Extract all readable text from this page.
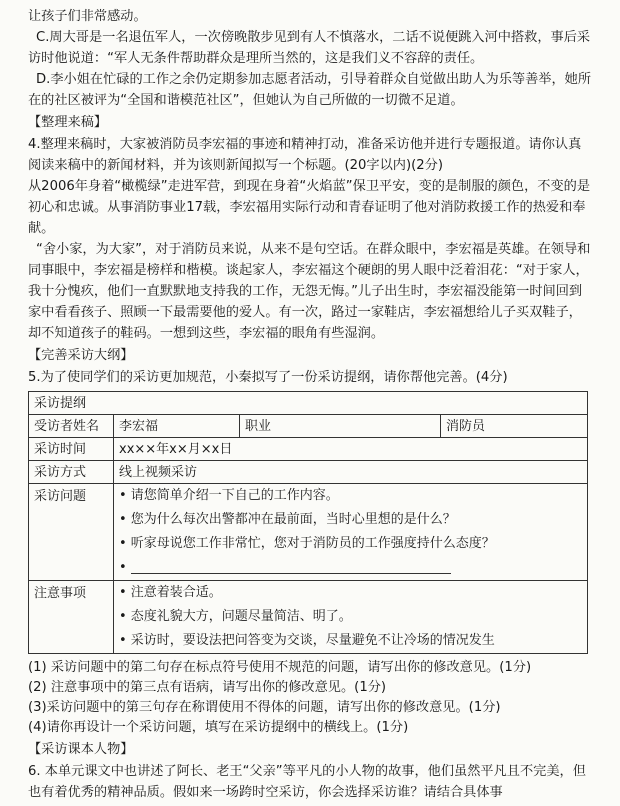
让孩子们非常感动。

C.周大哥是一名退伍军人，一次傍晚散步见到有人不慎落水，二话不说便跳入河中搭救，事后采访时他说道：“军人无条件帮助群众是理所当然的，这是我们义不容辞的责任。

D.李小姐在忙碌的工作之余仍定期参加志愿者活动，引导着群众自觉做出助人为乐等善举，她所在的社区被评为“全国和谐模范社区”，但她认为自己所做的一切微不足道。

【整理来稿】

4.整理来稿时，大家被消防员李宏福的事迹和精神打动，准备采访他并进行专题报道。请你认真阅读来稿中的新闻材料，并为该则新闻拟写一个标题。(20字以内)(2分)

从2006年身着“橄榄绿”走进军营，到现在身着“火焰蓝”保卫平安，变的是制服的颜色，不变的是初心和忠诚。从事消防事业17载，李宏福用实际行动和青春证明了他对消防救援工作的热爱和奉献。

“舍小家，为大家”，对于消防员来说，从来不是句空话。在群众眼中，李宏福是英雄。在领导和同事眼中，李宏福是榜样和楷模。谈起家人，李宏福这个硬朗的男人眼中泛着泪花：“对于家人，我十分愧疚，他们一直默默地支持我的工作，无怨无悔。”儿子出生时，李宏福没能第一时间回到家中看看孩子、照顾一下最需要他的爱人。有一次，路过一家鞋店，李宏福想给儿子买双鞋子，却不知道孩子的鞋码。一想到这些，李宏福的眼角有些湿润。

【完善采访大纲】

5.为了使同学们的采访更加规范，小秦拟写了一份采访提纲，请你帮他完善。(4分)

采访提纲			
受访者姓名	李宏福	职业	消防员
采访时间	xx××年x×月×x日		
采访方式	线上视频采访		
采访问题	• 请您简单介绍一下自己的工作内容。
• 您为什么每次出警都冲在最前面，当时心里想的是什么？
• 听家母说您工作非常忙，您对于消防员的工作强度持什么态度？
•		

注意事项	• 注意着装合适。
• 态度礼貌大方，问题尽量简洁、明了。
• 采访时，要设法把问答变为交谈，尽量避免不让冷场的情况发生		

(1) 采访问题中的第二句存在标点符号使用不规范的问题，请写出你的修改意见。(1分)

(2) 注意事项中的第三点有语病，请写出你的修改意见。(1分)

(3)采访问题中的第三句存在称谓使用不得体的问题，请写出你的修改意见。(1分)

(4)请你再设计一个采访问题，填写在采访提纲中的横线上。(1分)

【采访课本人物】

6. 本单元课文中也讲述了阿长、老王“父亲”等平凡的小人物的故事，他们虽然平凡且不完美，但也有着优秀的精神品质。假如来一场跨时空采访，你会选择采访谁？请结合具体事
